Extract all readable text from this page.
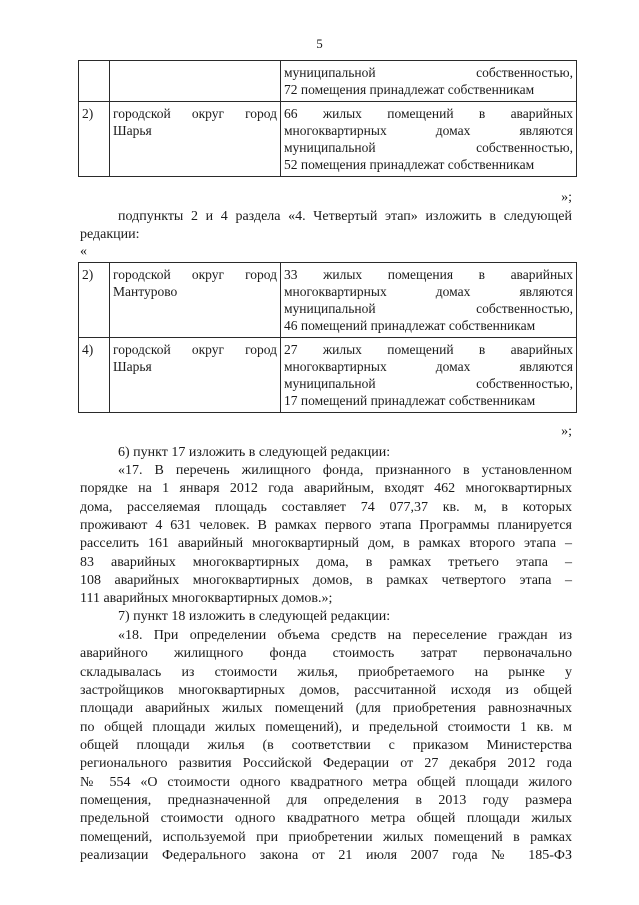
5

		муниципальной собственностью,
72 помещения принадлежат собственникам

2)	городской округ город
Шарья	66 жилых помещений в аварийных
многоквартирных домах являются
муниципальной собственностью,
52 помещения принадлежат собственникам
»;
подпункты 2 и 4 раздела «4. Четвертый этап» изложить в следующей
редакции:
«
2)	городской округ город
Мантурово	33 жилых помещения в аварийных
многоквартирных домах являются
муниципальной собственностью,
46 помещений принадлежат собственникам

4)	городской округ город
Шарья	27 жилых помещений в аварийных
многоквартирных домах являются
муниципальной собственностью,
17 помещений принадлежат собственникам
»;
6) пункт 17 изложить в следующей редакции:
«17. В перечень жилищного фонда, признанного в установленном
порядке на 1 января 2012 года аварийным, входят 462 многоквартирных
дома, расселяемая площадь составляет 74 077,37 кв. м, в которых
проживают 4 631 человек. В рамках первого этапа Программы планируется
расселить 161 аварийный многоквартирный дом, в рамках второго этапа –
83 аварийных многоквартирных дома, в рамках третьего этапа –
108 аварийных многоквартирных домов, в рамках четвертого этапа –
111 аварийных многоквартирных домов.»;
7) пункт 18 изложить в следующей редакции:
«18. При определении объема средств на переселение граждан из
аварийного жилищного фонда стоимость затрат первоначально
складывалась из стоимости жилья, приобретаемого на рынке у
застройщиков многоквартирных домов, рассчитанной исходя из общей
площади аварийных жилых помещений (для приобретения равнозначных
по общей площади жилых помещений), и предельной стоимости 1 кв. м
общей площади жилья (в соответствии с приказом Министерства
регионального развития Российской Федерации от 27 декабря 2012 года
№ 554 «О стоимости одного квадратного метра общей площади жилого
помещения, предназначенной для определения в 2013 году размера
предельной стоимости одного квадратного метра общей площади жилых
помещений, используемой при приобретении жилых помещений в рамках
реализации Федерального закона от 21 июля 2007 года № 185-ФЗ
